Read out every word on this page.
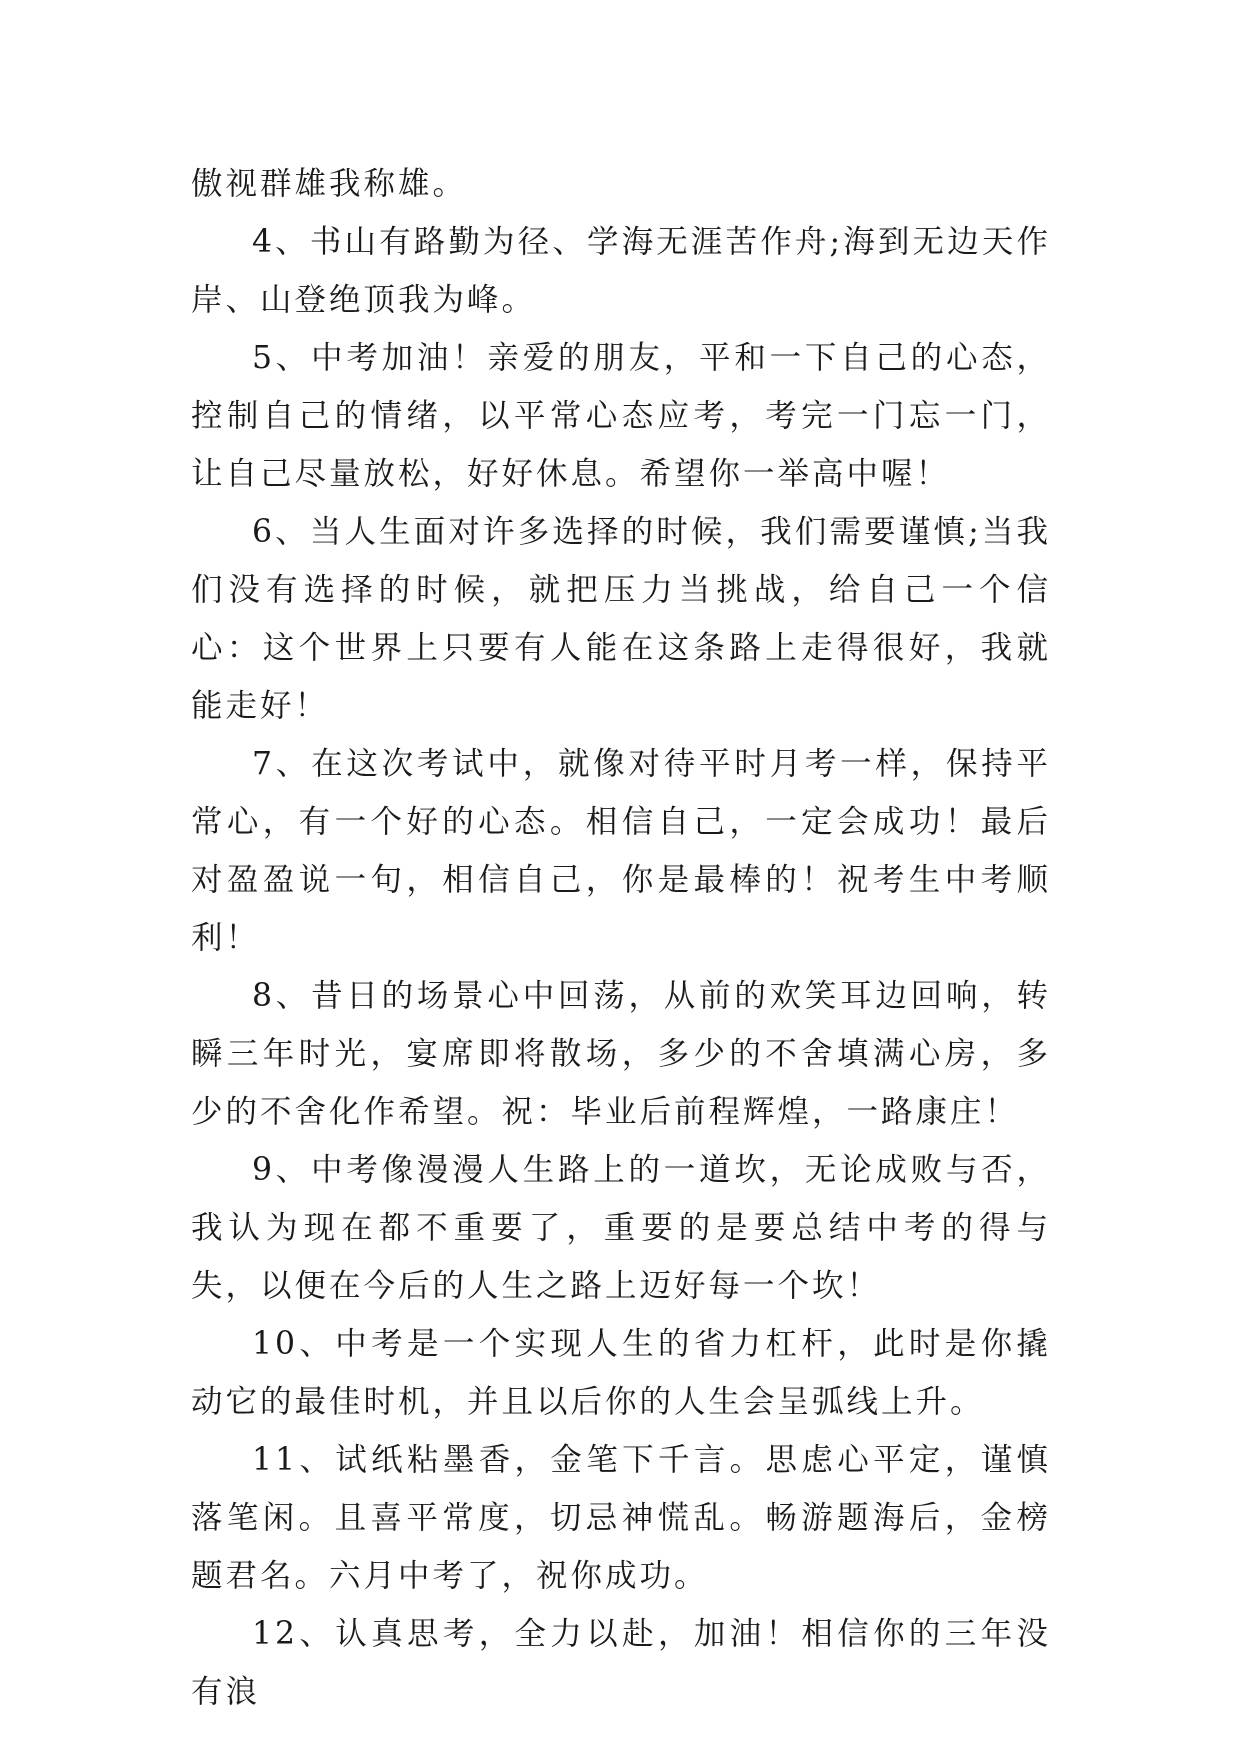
傲视群雄我称雄。

4、书山有路勤为径、学海无涯苦作舟;海到无边天作岸、山登绝顶我为峰。

5、中考加油！亲爱的朋友，平和一下自己的心态，控制自己的情绪，以平常心态应考，考完一门忘一门，让自己尽量放松，好好休息。希望你一举高中喔！

6、当人生面对许多选择的时候，我们需要谨慎;当我们没有选择的时候，就把压力当挑战，给自己一个信心：这个世界上只要有人能在这条路上走得很好，我就能走好！

7、在这次考试中，就像对待平时月考一样，保持平常心，有一个好的心态。相信自己，一定会成功！最后对盈盈说一句，相信自己，你是最棒的！祝考生中考顺利！

8、昔日的场景心中回荡，从前的欢笑耳边回响，转瞬三年时光，宴席即将散场，多少的不舍填满心房，多少的不舍化作希望。祝：毕业后前程辉煌，一路康庄！

9、中考像漫漫人生路上的一道坎，无论成败与否，我认为现在都不重要了，重要的是要总结中考的得与失，以便在今后的人生之路上迈好每一个坎！

10、中考是一个实现人生的省力杠杆，此时是你撬动它的最佳时机，并且以后你的人生会呈弧线上升。

11、试纸粘墨香，金笔下千言。思虑心平定，谨慎落笔闲。且喜平常度，切忌神慌乱。畅游题海后，金榜题君名。六月中考了，祝你成功。

12、认真思考，全力以赴，加油！相信你的三年没有浪
